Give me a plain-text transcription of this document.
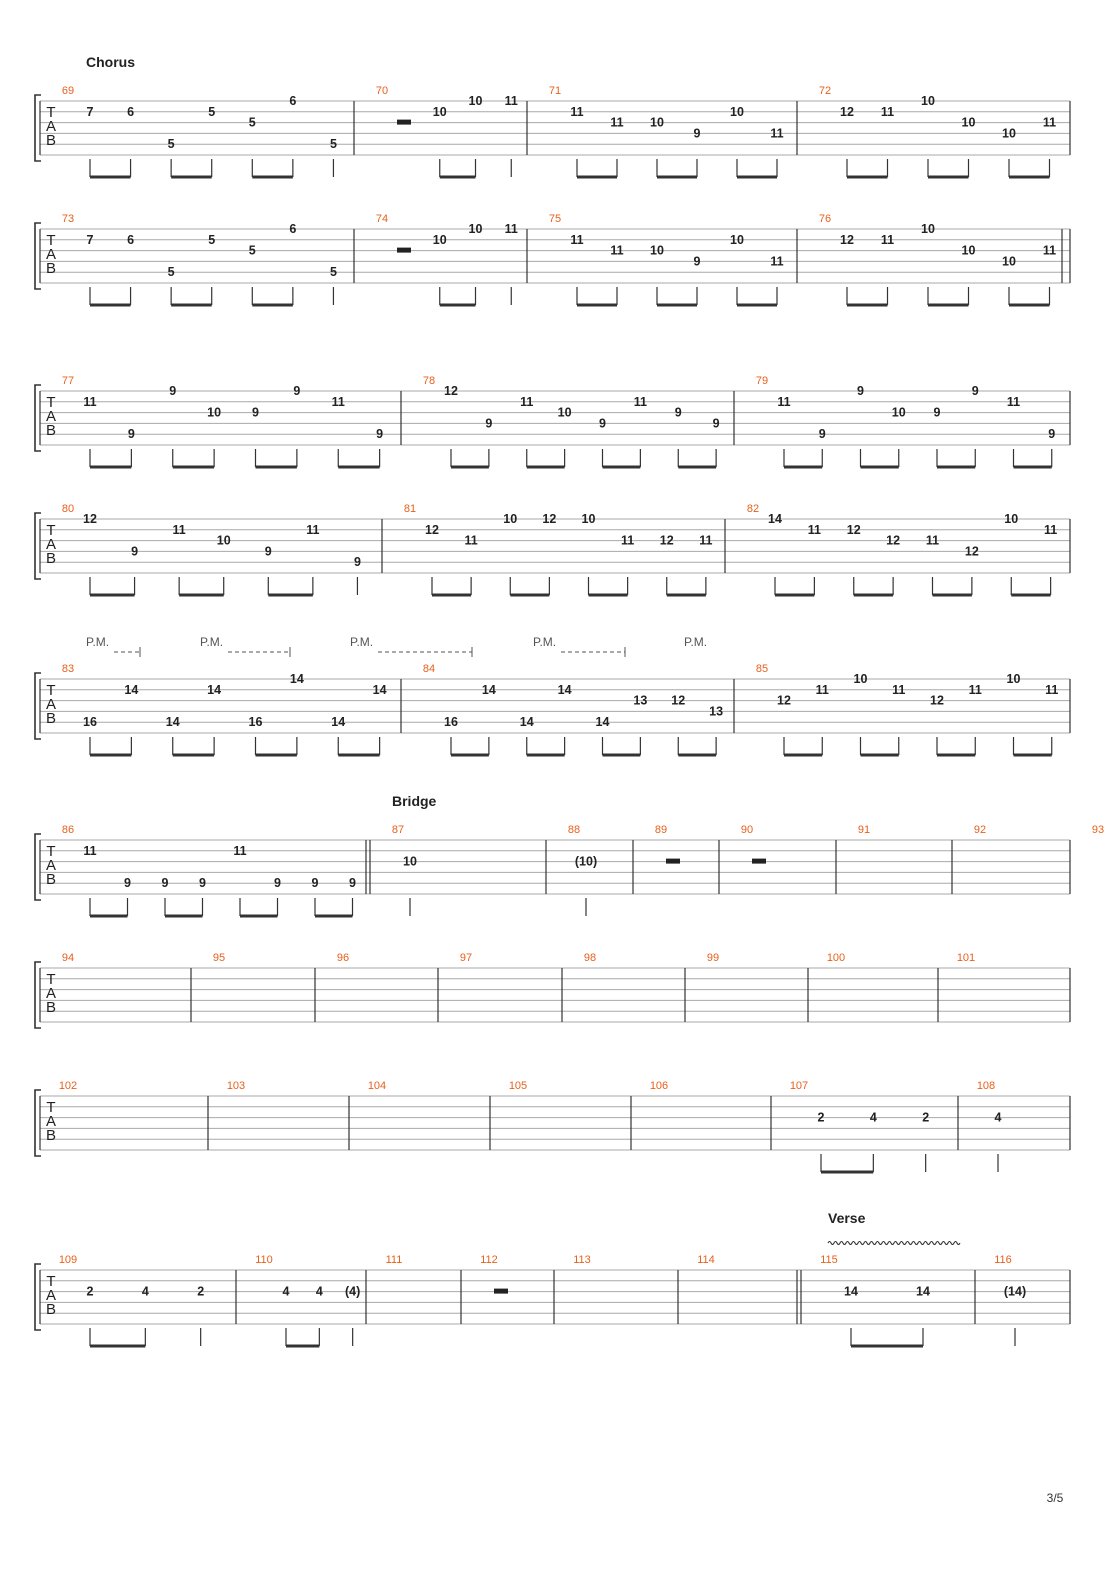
Chorus
T
A
B
69
7	6
5
5
5
6
5
70
10
10 11
71
11
11 10
9
10
11
72
12 11
10
10
10
11
T
A
B
73
7	6
5
5
5
6
5
74
10
10 11
75
11
11 10
9
10
11
76
12 11
10
10
10
11
T
A
B
77
11
9
9
10 9
9
11
9
78
12
9
11
10
9
11
9
9
79
11
9
9
10 9
9
11
9
T
A
B
80
12
9
11
10
9
11
9
81
12
11
10 12 10
11 12 11
82
14
11 12
12 11
12
10
11
T
A
B
83
16
14
14
14
16
14
14
14
84
16
14
14
14
14
13 12
13
85
12
11
10
11
12
11
10
11
P.M.	P.M.	P.M.	P.M.	P.M.
Bridge
T
A
B
86
11
9 9 9
11
9 9 9
87
10
88
(10)
89	90	91	92	93
T
A
B
94	95	96	97	98	99	100	101
T
A
B
102	103	104	105	106	107
2	4	2
108
4
Verse
T
A
B
109
2	4	2
110
4 4 (4)
111	112	113	114	115
14	14
116
(14)
3/5
